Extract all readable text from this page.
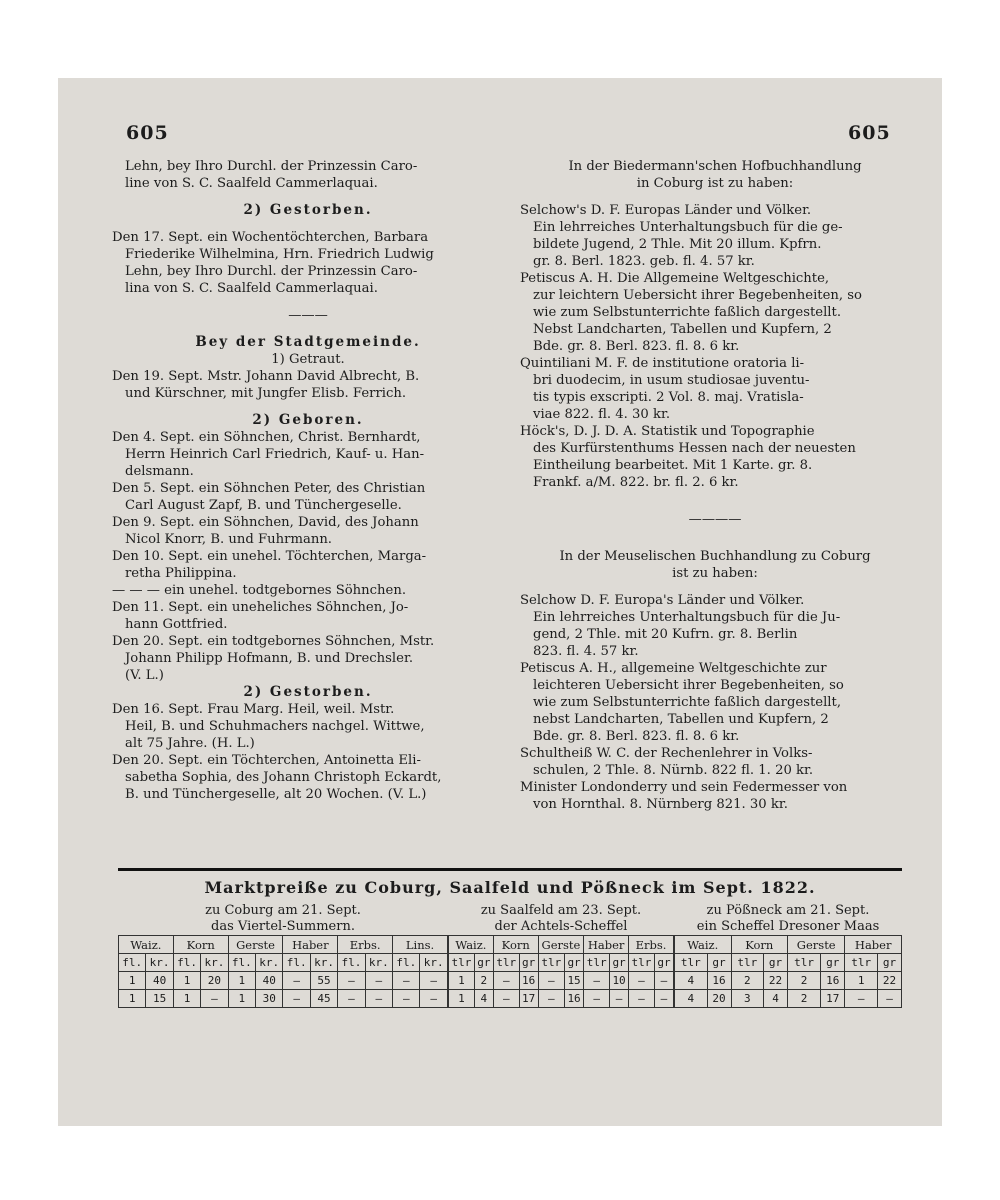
605	605
Lehn, bey Ihro Durchl. der Prinzessin Caro-
line von S. C. Saalfeld Cammerlaquai.
2) Gestorben.
Den 17. Sept. ein Wochentöchterchen, Barbara
Friederike Wilhelmina, Hrn. Friedrich Ludwig
Lehn, bey Ihro Durchl. der Prinzessin Caro-
lina von S. C. Saalfeld Cammerlaquai.
———
Bey der Stadtgemeinde.
1) Getraut.
Den 19. Sept. Mstr. Johann David Albrecht, B.
und Kürschner, mit Jungfer Elisb. Ferrich.
2) Geboren.
Den 4. Sept. ein Söhnchen, Christ. Bernhardt,
Herrn Heinrich Carl Friedrich, Kauf- u. Han-
delsmann.
Den 5. Sept. ein Söhnchen Peter, des Christian
Carl August Zapf, B. und Tünchergeselle.
Den 9. Sept. ein Söhnchen, David, des Johann
Nicol Knorr, B. und Fuhrmann.
Den 10. Sept. ein unehel. Töchterchen, Marga-
retha Philippina.
— — — ein unehel. todtgebornes Söhnchen.
Den 11. Sept. ein uneheliches Söhnchen, Jo-
hann Gottfried.
Den 20. Sept. ein todtgebornes Söhnchen, Mstr.
Johann Philipp Hofmann, B. und Drechsler.
(V. L.)
2) Gestorben.
Den 16. Sept. Frau Marg. Heil, weil. Mstr.
Heil, B. und Schuhmachers nachgel. Wittwe,
alt 75 Jahre. (H. L.)
Den 20. Sept. ein Töchterchen, Antoinetta Eli-
sabetha Sophia, des Johann Christoph Eckardt,
B. und Tünchergeselle, alt 20 Wochen. (V. L.)
In der Biedermann'schen Hofbuchhandlung
in Coburg ist zu haben:
Selchow's D. F. Europas Länder und Völker.
Ein lehrreiches Unterhaltungsbuch für die ge-
bildete Jugend, 2 Thle. Mit 20 illum. Kpfrn.
gr. 8. Berl. 1823. geb. fl. 4. 57 kr.
Petiscus A. H. Die Allgemeine Weltgeschichte,
zur leichtern Uebersicht ihrer Begebenheiten, so
wie zum Selbstunterrichte faßlich dargestellt.
Nebst Landcharten, Tabellen und Kupfern, 2
Bde. gr. 8. Berl. 823. fl. 8. 6 kr.
Quintiliani M. F. de institutione oratoria li-
bri duodecim, in usum studiosae juventu-
tis typis exscripti. 2 Vol. 8. maj. Vratisla-
viae 822. fl. 4. 30 kr.
Höck's, D. J. D. A. Statistik und Topographie
des Kurfürstenthums Hessen nach der neuesten
Eintheilung bearbeitet. Mit 1 Karte. gr. 8.
Frankf. a/M. 822. br. fl. 2. 6 kr.
————
In der Meuselischen Buchhandlung zu Coburg
ist zu haben:
Selchow D. F. Europa's Länder und Völker.
Ein lehrreiches Unterhaltungsbuch für die Ju-
gend, 2 Thle. mit 20 Kufrn. gr. 8. Berlin
823. fl. 4. 57 kr.
Petiscus A. H., allgemeine Weltgeschichte zur
leichteren Uebersicht ihrer Begebenheiten, so
wie zum Selbstunterrichte faßlich dargestellt,
nebst Landcharten, Tabellen und Kupfern, 2
Bde. gr. 8. Berl. 823. fl. 8. 6 kr.
Schultheiß W. C. der Rechenlehrer in Volks-
schulen, 2 Thle. 8. Nürnb. 822 fl. 1. 20 kr.
Minister Londonderry und sein Federmesser von
von Hornthal. 8. Nürnberg 821. 30 kr.
Marktpreiße zu Coburg, Saalfeld und Pößneck im Sept. 1822.
zu Coburg am 21. Sept.
das Viertel-Summern.
Waiz.		Korn		Gerste		Haber		Erbs.		Lins.	
fl.	kr.	fl.	kr.	fl.	kr.	fl.	kr.	fl.	kr.	fl.	kr.
1	40	1	20	1	40	—	55	—	—	—	—
1	15	1	—	1	30	—	45	—	—	—	—
zu Saalfeld am 23. Sept.
der Achtels-Scheffel
Waiz.		Korn		Gerste		Haber		Erbs.	
tlr	gr	tlr	gr	tlr	gr	tlr	gr	tlr	gr
1	2	—	16	—	15	—	10	—	—
1	4	—	17	—	16	—	—	—	—
zu Pößneck am 21. Sept.
ein Scheffel Dresoner Maas
Waiz.		Korn		Gerste		Haber	
tlr	gr	tlr	gr	tlr	gr	tlr	gr
4	16	2	22	2	16	1	22
4	20	3	4	2	17	—	—
